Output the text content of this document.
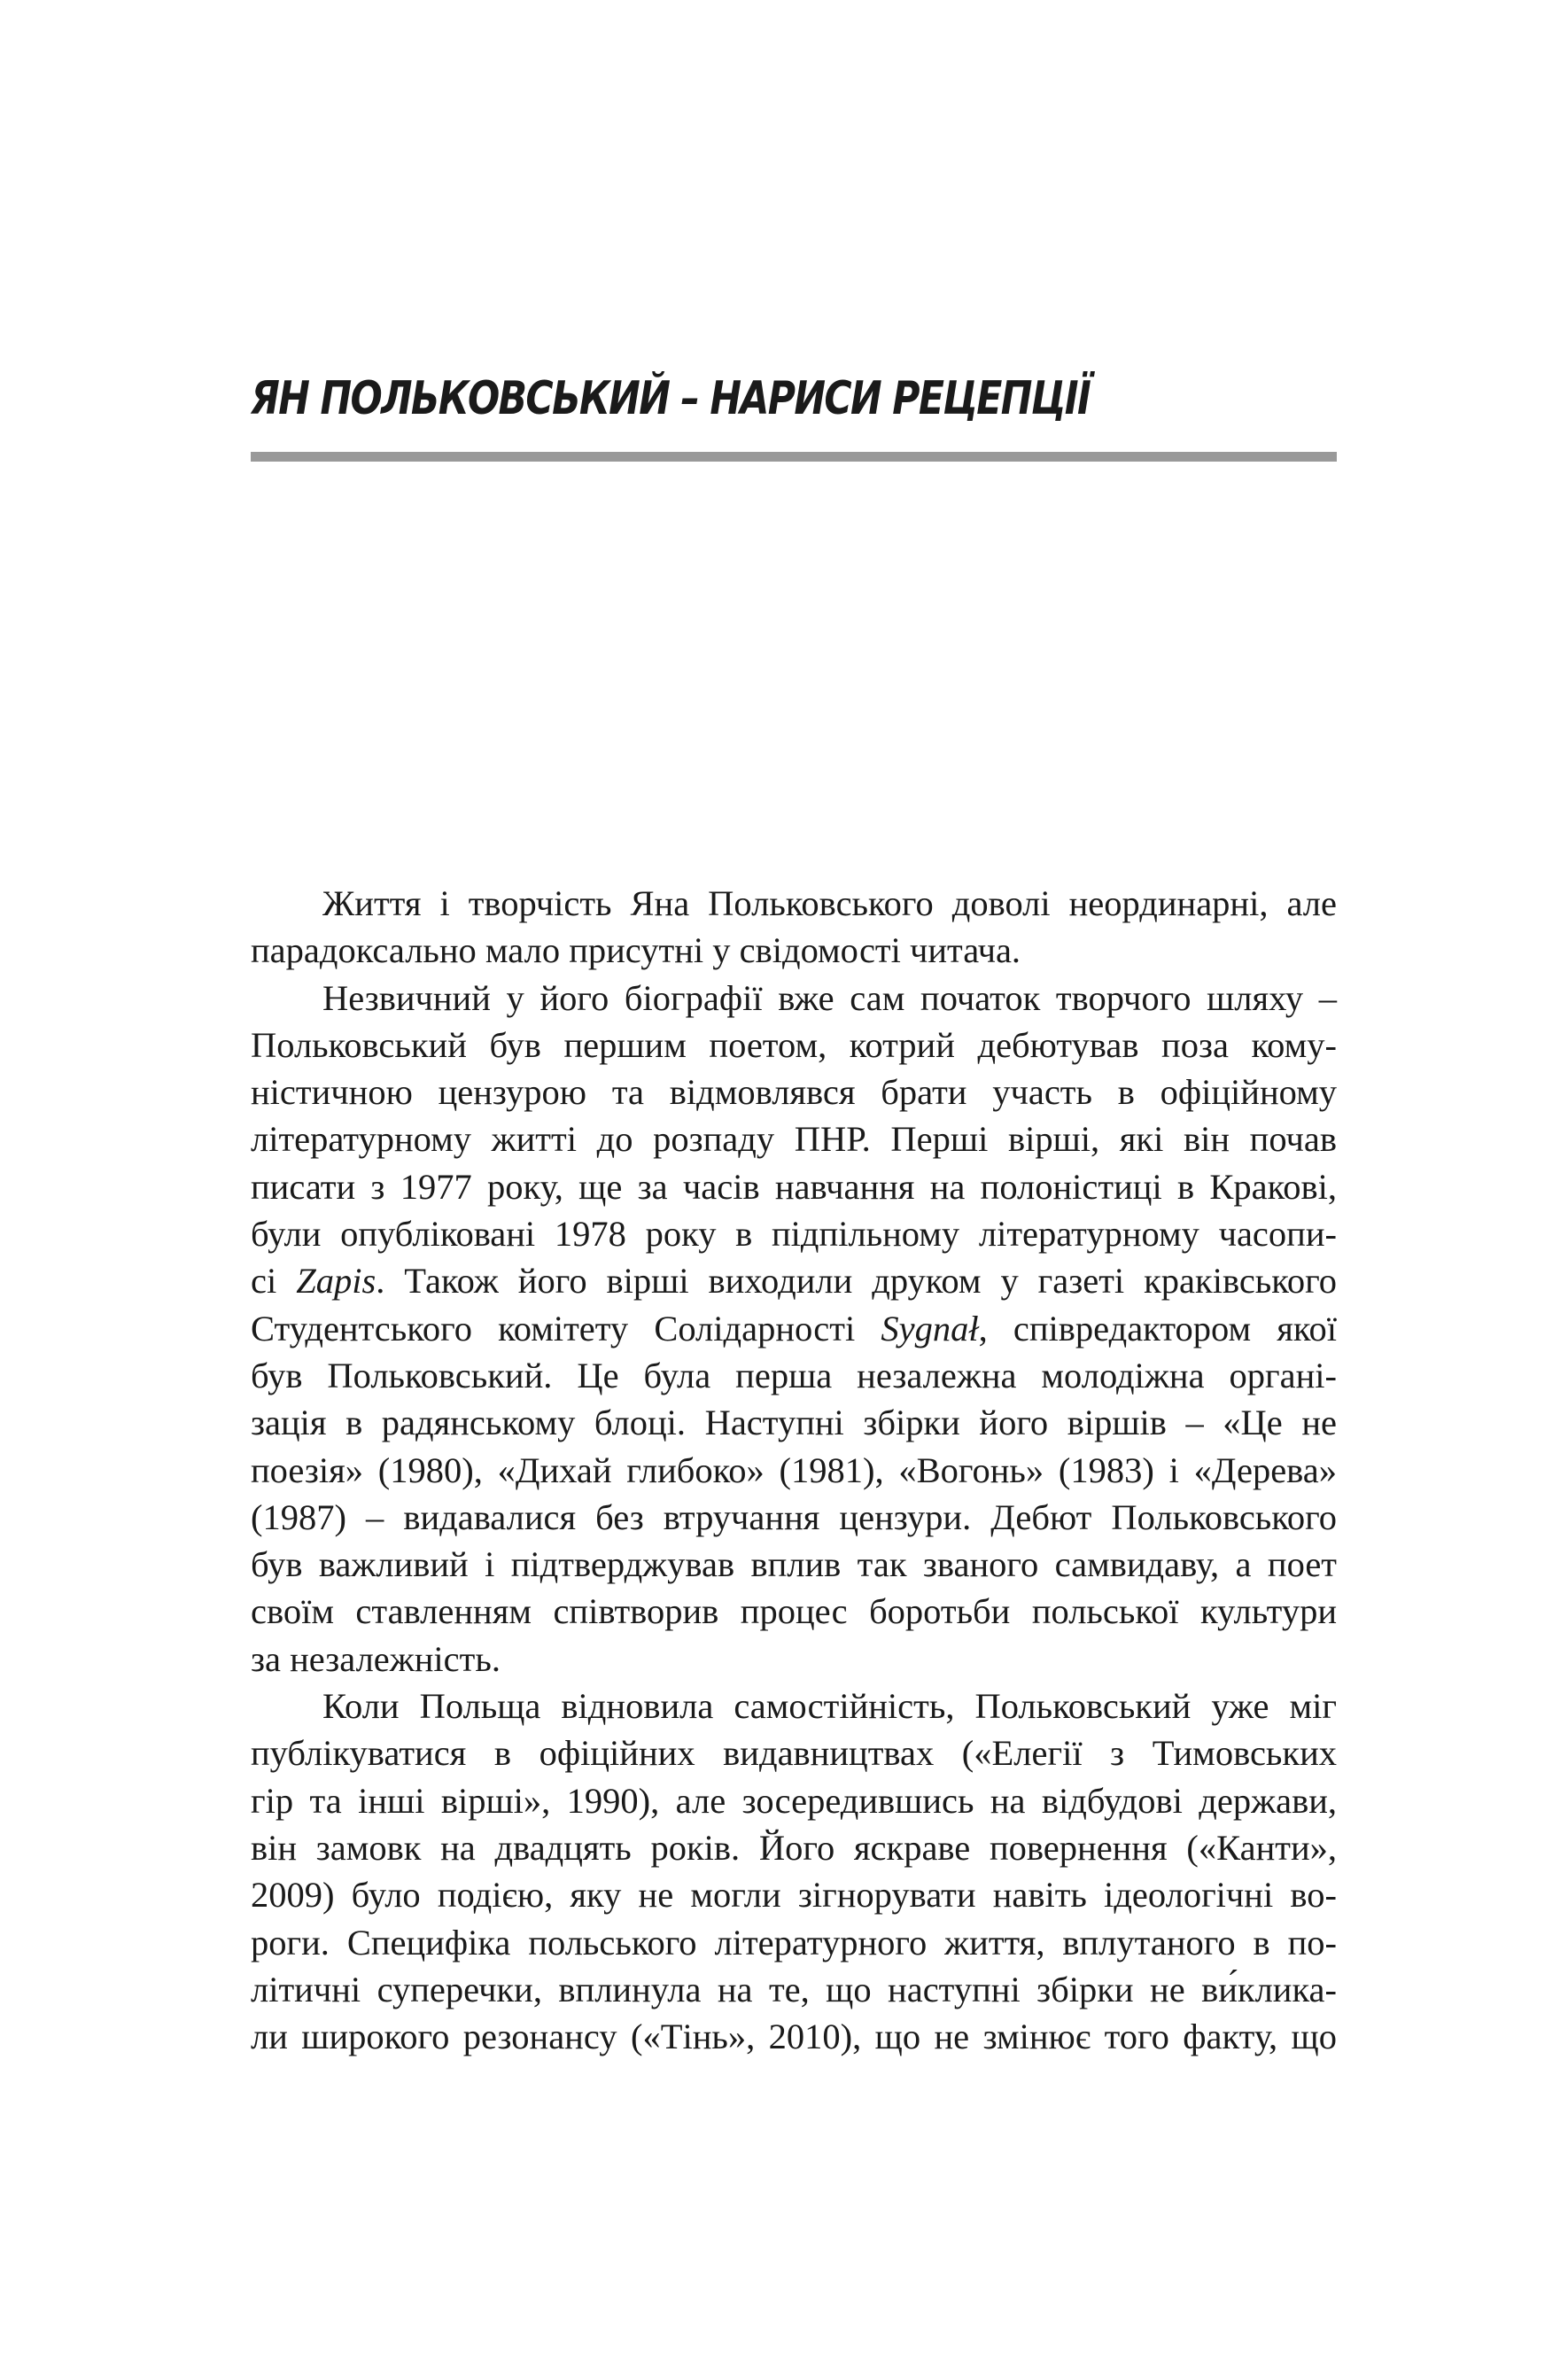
ЯН ПОЛЬКОВСЬКИЙ – НАРИСИ РЕЦЕПЦІЇ

Життя і творчість Яна Польковського доволі неординарні, але
парадоксально мало присутні у свідомості читача.

Незвичний у його біографії вже сам початок творчого шляху –
Польковський був першим поетом, котрий дебютував поза кому-
ністичною цензурою та відмовлявся брати участь в офіційному
літературному житті до розпаду ПНР. Перші вірші, які він почав
писати з 1977 року, ще за часів навчання на полоністиці в Кракові,
були опубліковані 1978 року в підпільному літературному часопи-
сі Zapis. Також його вірші виходили друком у газеті краківського
Студентського комітету Солідарності Sygnał, співредактором якої
був Польковський. Це була перша незалежна молодіжна органі-
зація в радянському блоці. Наступні збірки його віршів – «Це не
поезія» (1980), «Дихай глибоко» (1981), «Вогонь» (1983) і «Дерева»
(1987) – видавалися без втручання цензури. Дебют Польковського
був важливий і підтверджував вплив так званого самвидаву, а поет
своїм ставленням співтворив процес боротьби польської культури
за незалежність.

Коли Польща відновила самостійність, Польковський уже міг
публікуватися в офіційних видавництвах («Елегії з Тимовських
гір та інші вірші», 1990), але зосередившись на відбудові держави,
він замовк на двадцять років. Його яскраве повернення («Канти»,
2009) було подією, яку не могли зігнорувати навіть ідеологічні во-
роги. Специфіка польського літературного життя, вплутаного в по-
літичні суперечки, вплинула на те, що наступні збірки не ви́клика-
ли широкого резонансу («Тінь», 2010), що не змінює того факту, що
